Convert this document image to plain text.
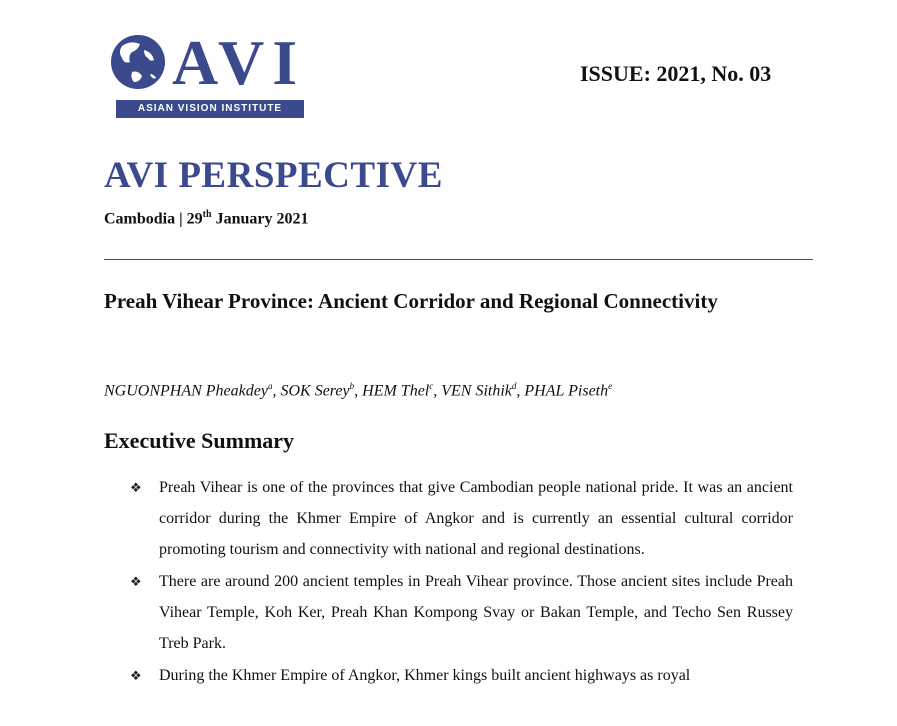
AVI
ASIAN VISION INSTITUTE
ISSUE: 2021, No. 03
AVI PERSPECTIVE
Cambodia | 29th January 2021
Preah Vihear Province: Ancient Corridor and Regional Connectivity
NGUONPHAN Pheakdey$^a$, SOK Serey$^b$, HEM Thel$^c$, VEN Sithik$^d$, PHAL Piseth$^e$
Executive Summary
❖ Preah Vihear is one of the provinces that give Cambodian people national pride. It was an ancient corridor during the Khmer Empire of Angkor and is currently an essential cultural corridor promoting tourism and connectivity with national and regional destinations.
❖ There are around 200 ancient temples in Preah Vihear province. Those ancient sites include Preah Vihear Temple, Koh Ker, Preah Khan Kompong Svay or Bakan Temple, and Techo Sen Russey Treb Park.
❖ During the Khmer Empire of Angkor, Khmer kings built ancient highways as royal
